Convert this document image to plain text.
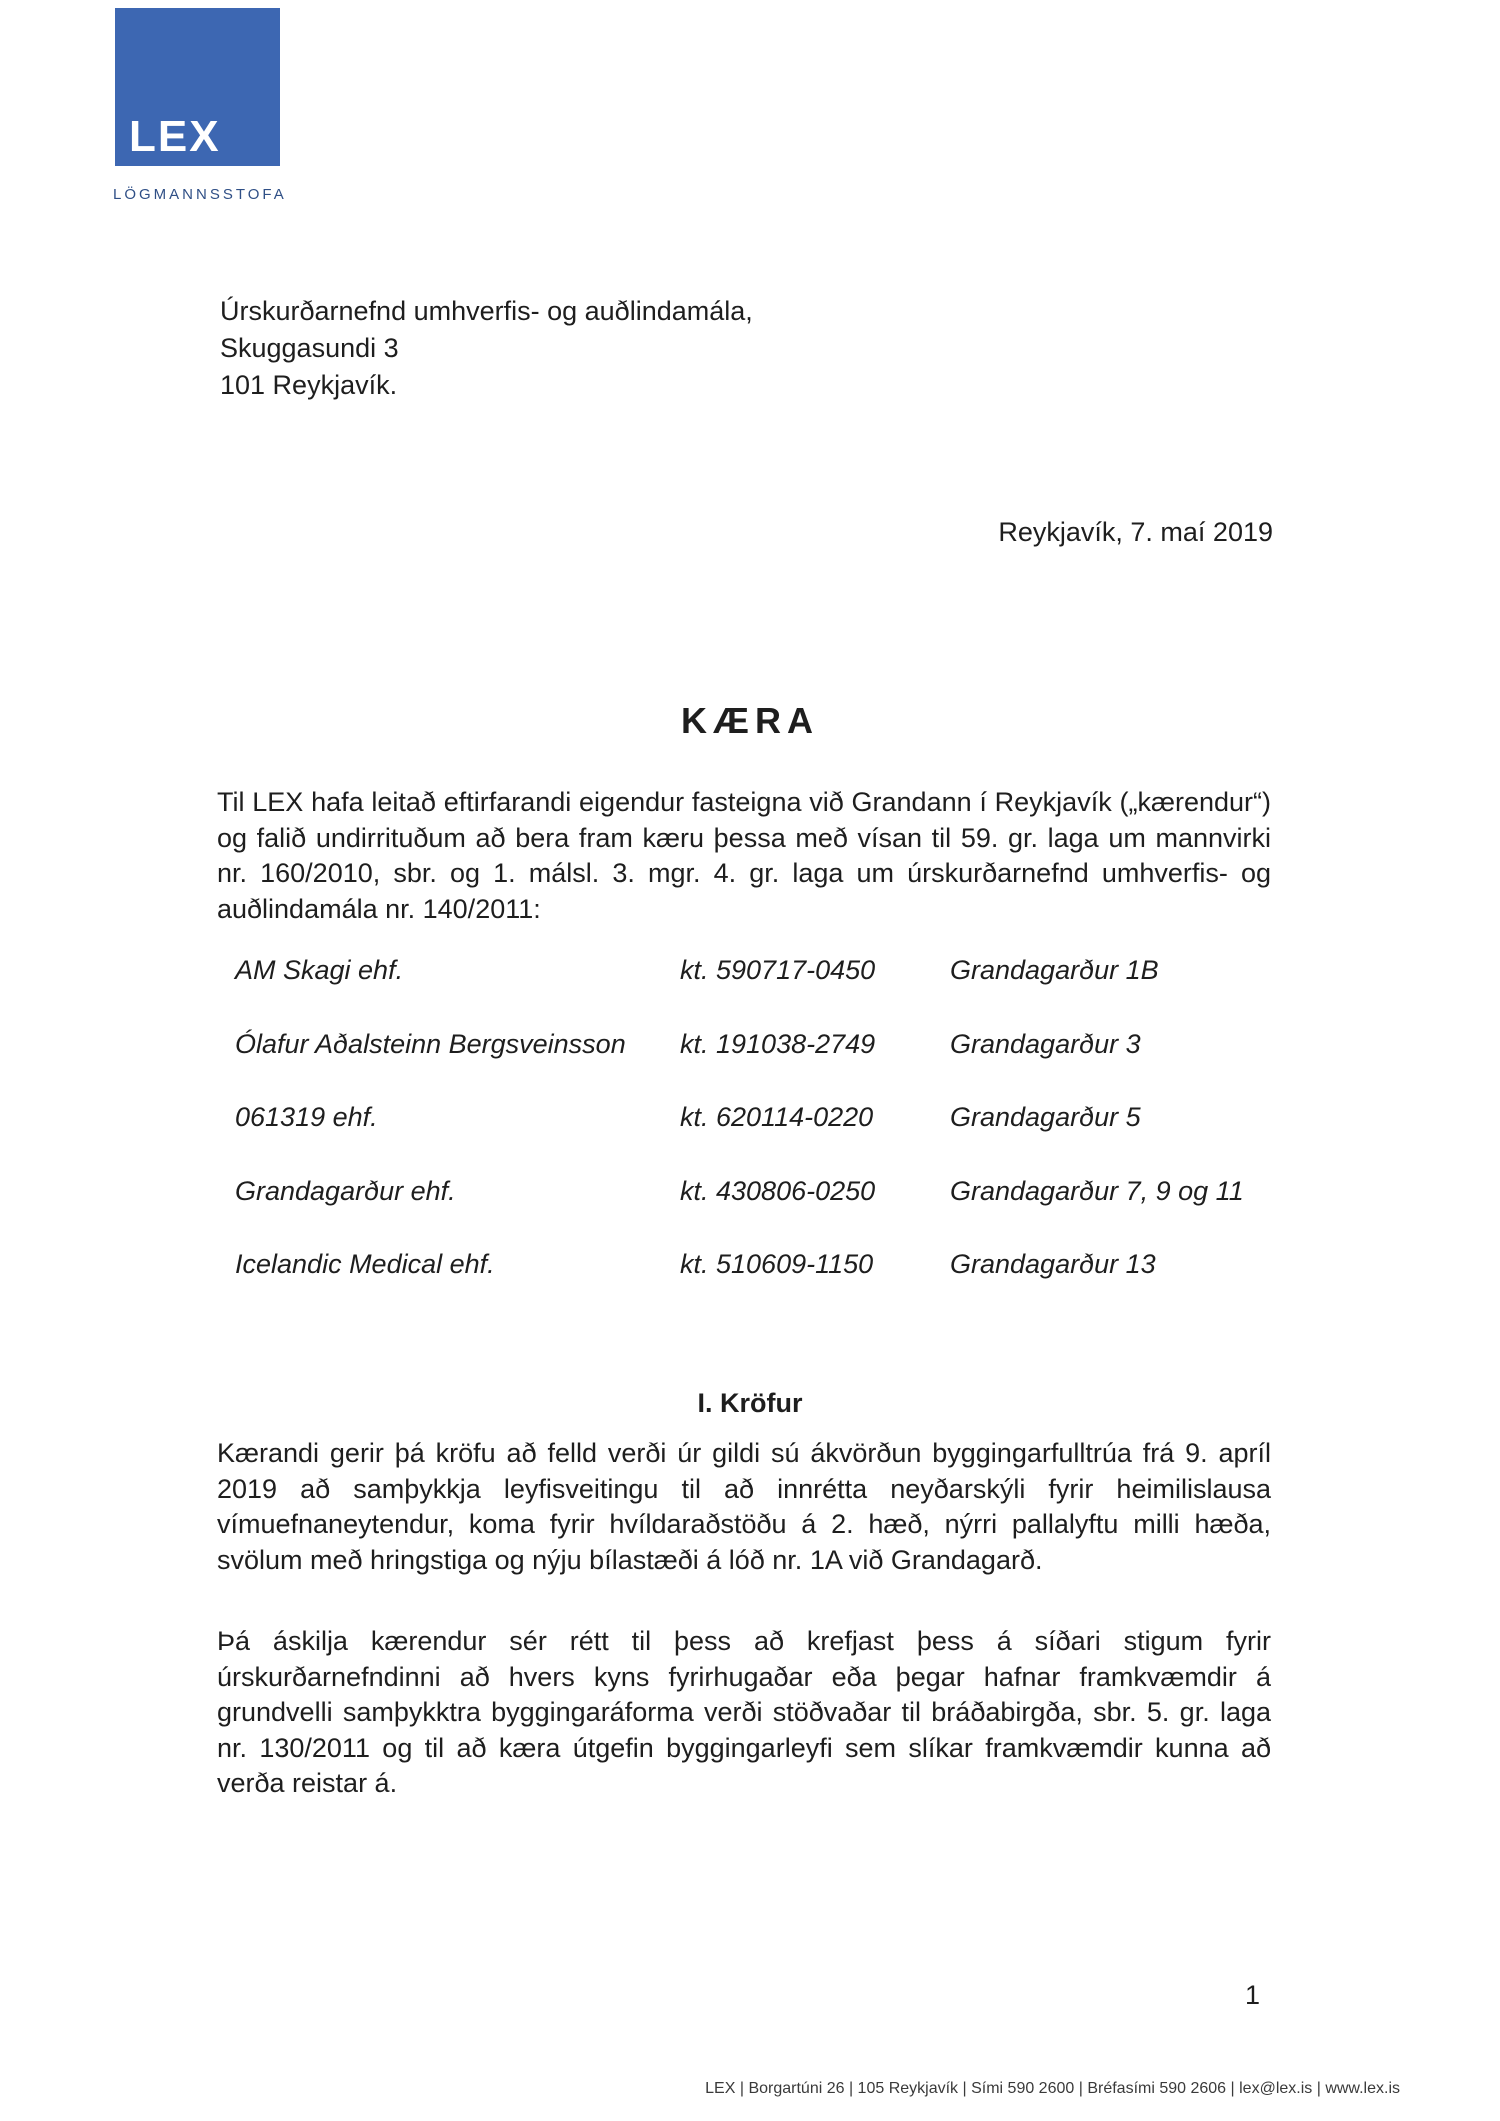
LEX
LÖGMANNSSTOFA
Úrskurðarnefnd umhverfis- og auðlindamála,
Skuggasundi 3
101 Reykjavík.
Reykjavík, 7. maí 2019
KÆRA
Til LEX hafa leitað eftirfarandi eigendur fasteigna við Grandann í Reykjavík („kærendur“) og falið undirrituðum að bera fram kæru þessa með vísan til 59. gr. laga um mannvirki nr. 160/2010, sbr. og 1. málsl. 3. mgr. 4. gr. laga um úrskurðarnefnd umhverfis- og auðlindamála nr. 140/2011:
AM Skagi ehf.	kt. 590717-0450	Grandagarður 1B
Ólafur Aðalsteinn Bergsveinsson kt. 191038-2749	Grandagarður 3
061319 ehf.	kt. 620114-0220	Grandagarður 5
Grandagarður ehf.	kt. 430806-0250	Grandagarður 7, 9 og 11
Icelandic Medical ehf.	kt. 510609-1150	Grandagarður 13
I. Kröfur
Kærandi gerir þá kröfu að felld verði úr gildi sú ákvörðun byggingarfulltrúa frá 9. apríl 2019 að samþykkja leyfisveitingu til að innrétta neyðarskýli fyrir heimilislausa vímuefnaneytendur, koma fyrir hvíldaraðstöðu á 2. hæð, nýrri pallalyftu milli hæða, svölum með hringstiga og nýju bílastæði á lóð nr. 1A við Grandagarð.
Þá áskilja kærendur sér rétt til þess að krefjast þess á síðari stigum fyrir úrskurðarnefndinni að hvers kyns fyrirhugaðar eða þegar hafnar framkvæmdir á grundvelli samþykktra byggingaráforma verði stöðvaðar til bráðabirgða, sbr. 5. gr. laga nr. 130/2011 og til að kæra útgefin byggingarleyfi sem slíkar framkvæmdir kunna að verða reistar á.
1
LEX | Borgartúni 26 | 105 Reykjavík | Sími 590 2600 | Bréfasími 590 2606 | lex@lex.is | www.lex.is
